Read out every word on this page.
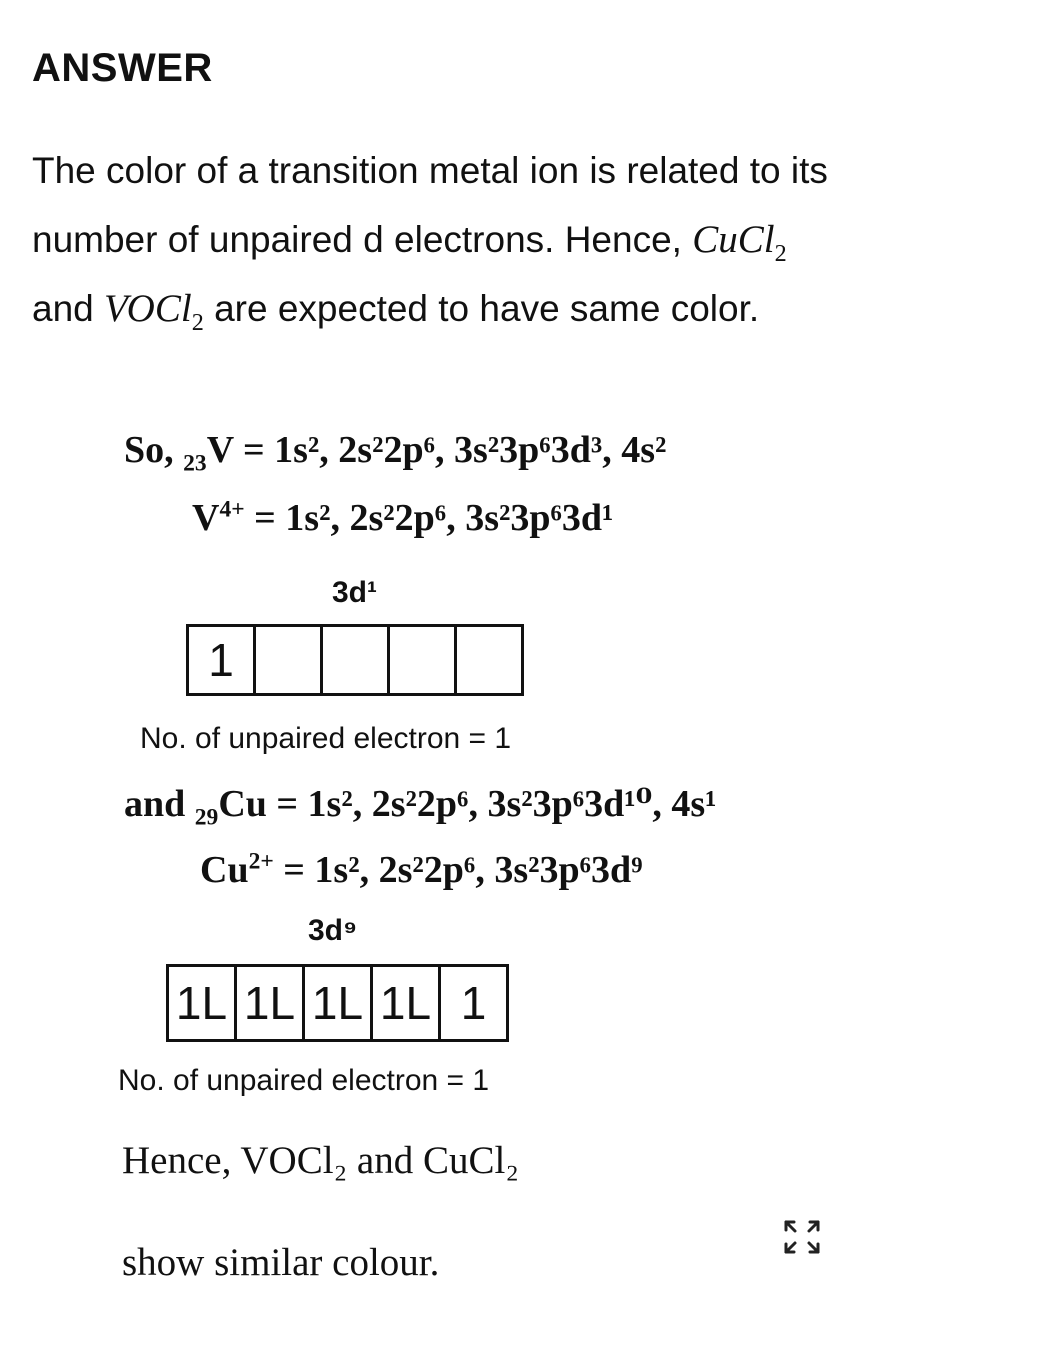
ANSWER
The color of a transition metal ion is related to its
number of unpaired d electrons. Hence, CuCl$_2$
and VOCl$_2$ are expected to have same color.
So, $_{23}$V = 1s², 2s²2p⁶, 3s²3p⁶3d³, 4s²
$V^{4+} = 1s^2$, 2s²2p⁶, 3s²3p⁶3d¹
3d¹
1
No. of unpaired electron = 1
and $_{29}$Cu = 1s², 2s²2p⁶, 3s²3p⁶3d¹⁰, 4s¹
$Cu^{2+} = 1s^2$, 2s²2p⁶, 3s²3p⁶3d⁹
3d⁹
1L 1L 1L 1L 1
No. of unpaired electron = 1
Hence, VOCl₂ and CuCl₂
show similar colour.
